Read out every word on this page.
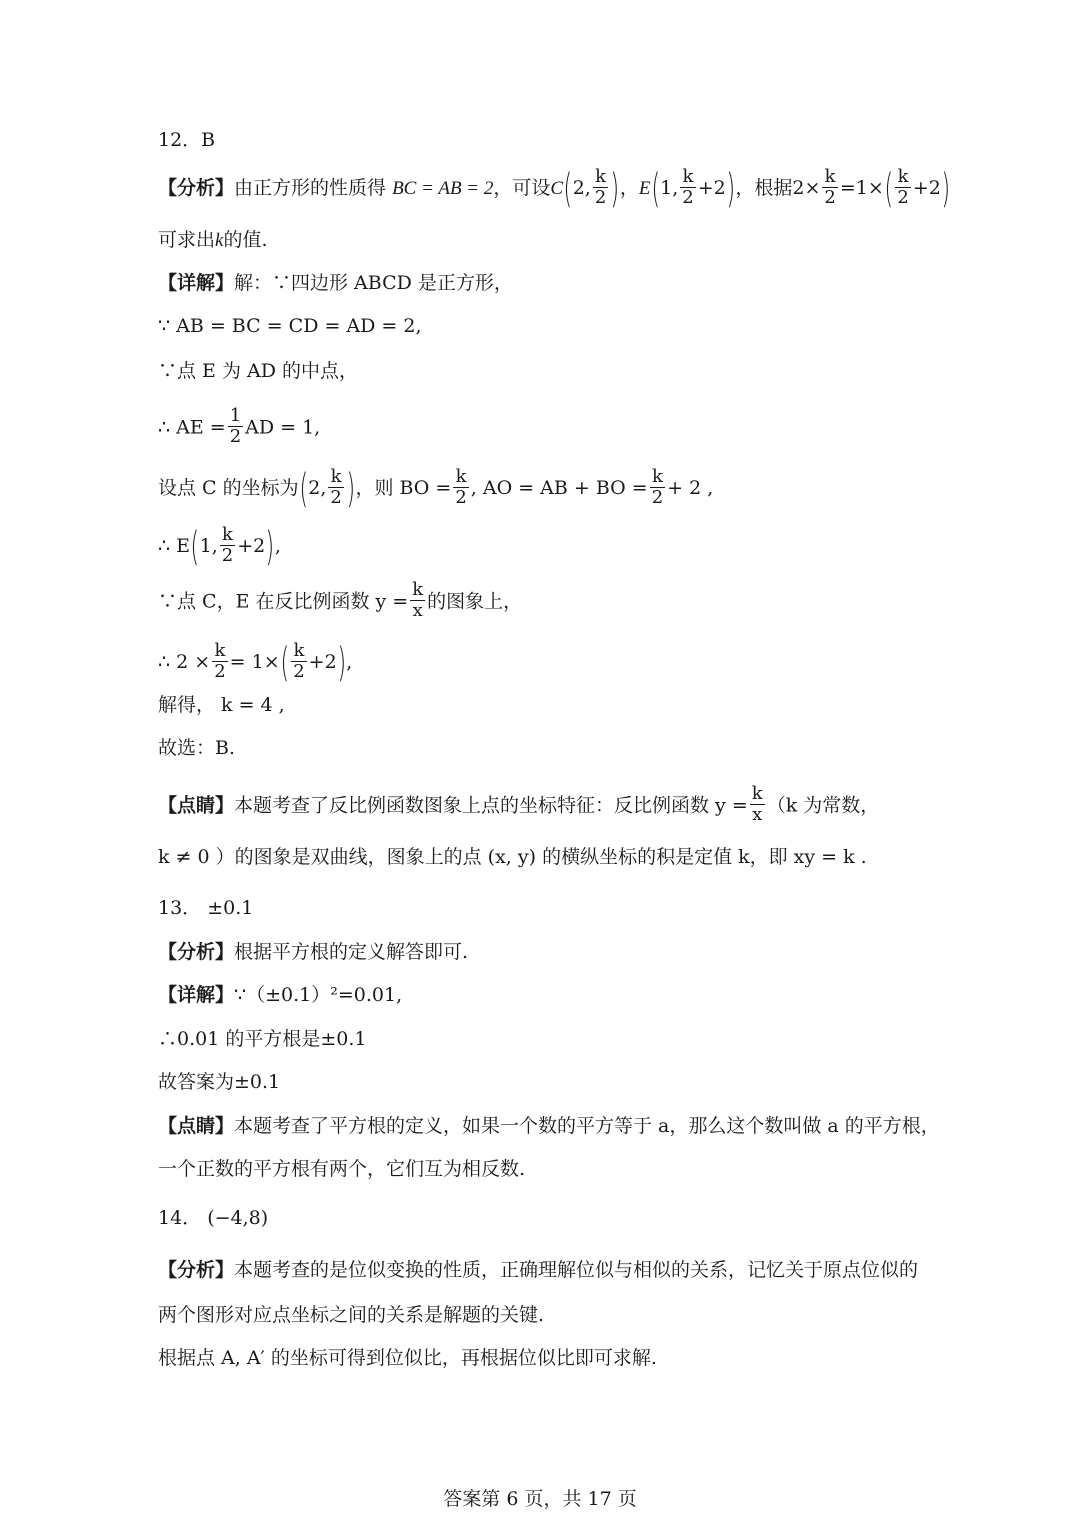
12．B
【分析】由正方形的性质得 BC = AB = 2，可设C(2, $\frac{k}{2}$ )，E(1, $\frac{k}{2} +2$)，根据$2\times \frac{k}{2} =1\times( \frac{k}{2} +2)$
可求出k的值.
【详解】解：∵四边形 ABCD 是正方形，
∵ AB = BC = CD = AD = 2,
∵点 E 为 AD 的中点，
∴ AE = $\frac{1}{2}$ AD = 1,
设点 C 的坐标为(2, $\frac{k}{2}$ )，则 BO = $\frac{k}{2}$ , AO = AB + BO = $\frac{k}{2} + 2$ ,
∴ E(1, $\frac{k}{2} +2$),
∵点 C，E 在反比例函数 $y = \frac{k}{x}$ 的图象上，
∴ $2 \times \frac{k}{2} = 1\times( \frac{k}{2} +2)$,
解得， k = 4 ,
故选：B.
【点睛】本题考查了反比例函数图象上点的坐标特征：反比例函数 $y = \frac{k}{x} (k$ 为常数，
k ≠ 0 ）的图象是双曲线，图象上的点 (x, y) 的横纵坐标的积是定值 k，即 xy = k .
13． ±0.1
【分析】根据平方根的定义解答即可.
【详解】∵（±0.1）²=0.01,
∴0.01 的平方根是±0.1
故答案为±0.1
【点睛】本题考查了平方根的定义，如果一个数的平方等于 a，那么这个数叫做 a 的平方根，
一个正数的平方根有两个，它们互为相反数.
14． (−4,8)
【分析】本题考查的是位似变换的性质，正确理解位似与相似的关系，记忆关于原点位似的
两个图形对应点坐标之间的关系是解题的关键.
根据点 A, A′ 的坐标可得到位似比，再根据位似比即可求解.
答案第 6 页，共 17 页
